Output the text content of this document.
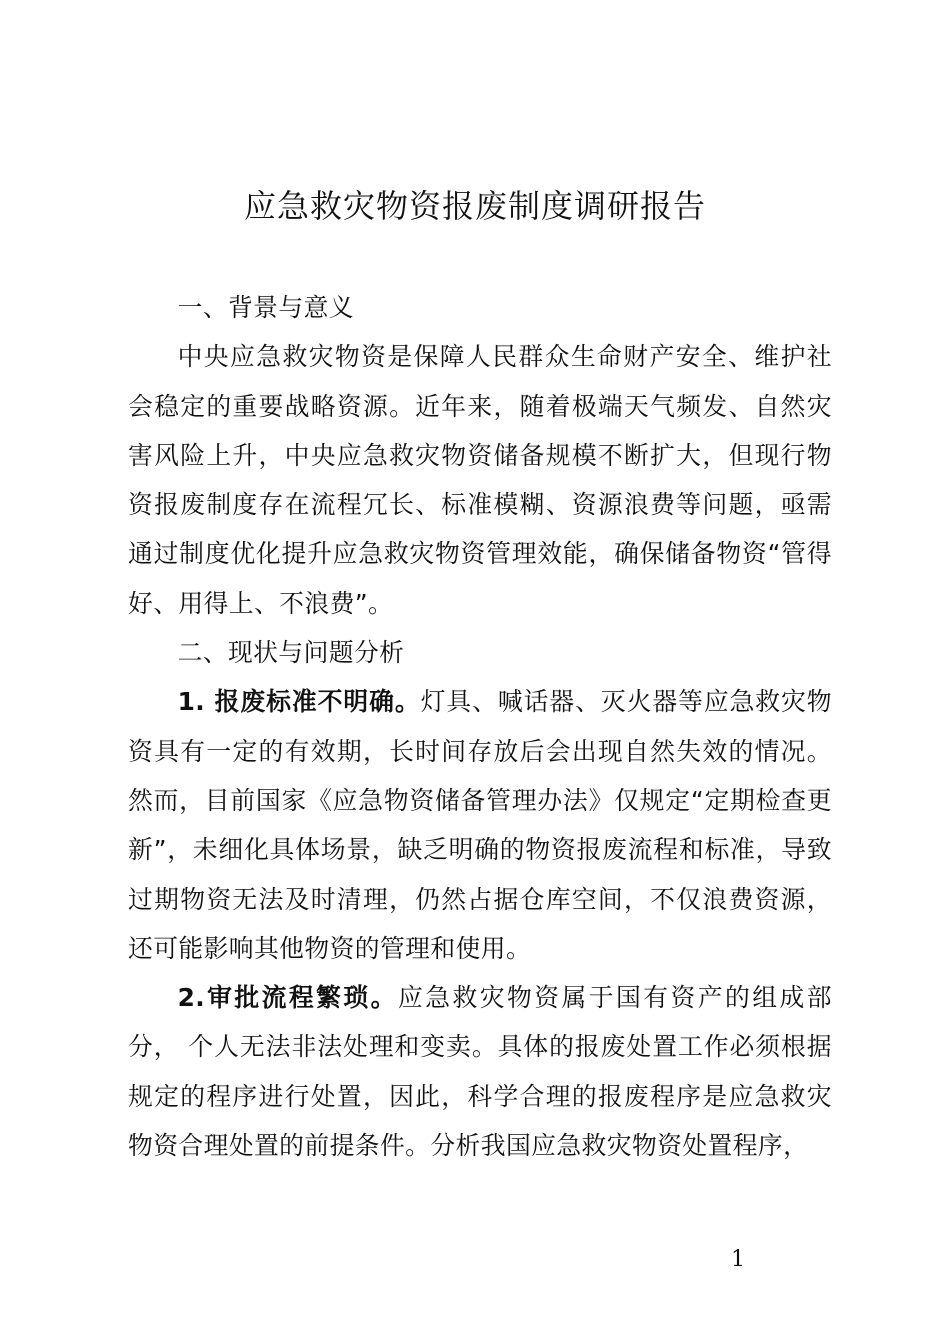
应急救灾物资报废制度调研报告

一、背景与意义

中央应急救灾物资是保障人民群众生命财产安全、维护社会稳定的重要战略资源。近年来，随着极端天气频发、自然灾害风险上升，中央应急救灾物资储备规模不断扩大，但现行物资报废制度存在流程冗长、标准模糊、资源浪费等问题，亟需通过制度优化提升应急救灾物资管理效能，确保储备物资“管得好、用得上、不浪费”。

二、现状与问题分析

1. 报废标准不明确。灯具、喊话器、灭火器等应急救灾物资具有一定的有效期，长时间存放后会出现自然失效的情况。然而，目前国家《应急物资储备管理办法》仅规定“定期检查更新”，未细化具体场景，缺乏明确的物资报废流程和标准，导致过期物资无法及时清理，仍然占据仓库空间，不仅浪费资源，还可能影响其他物资的管理和使用。

2.审批流程繁琐。应急救灾物资属于国有资产的组成部分， 个人无法非法处理和变卖。具体的报废处置工作必须根据规定的程序进行处置，因此，科学合理的报废程序是应急救灾物资合理处置的前提条件。分析我国应急救灾物资处置程序，

1
